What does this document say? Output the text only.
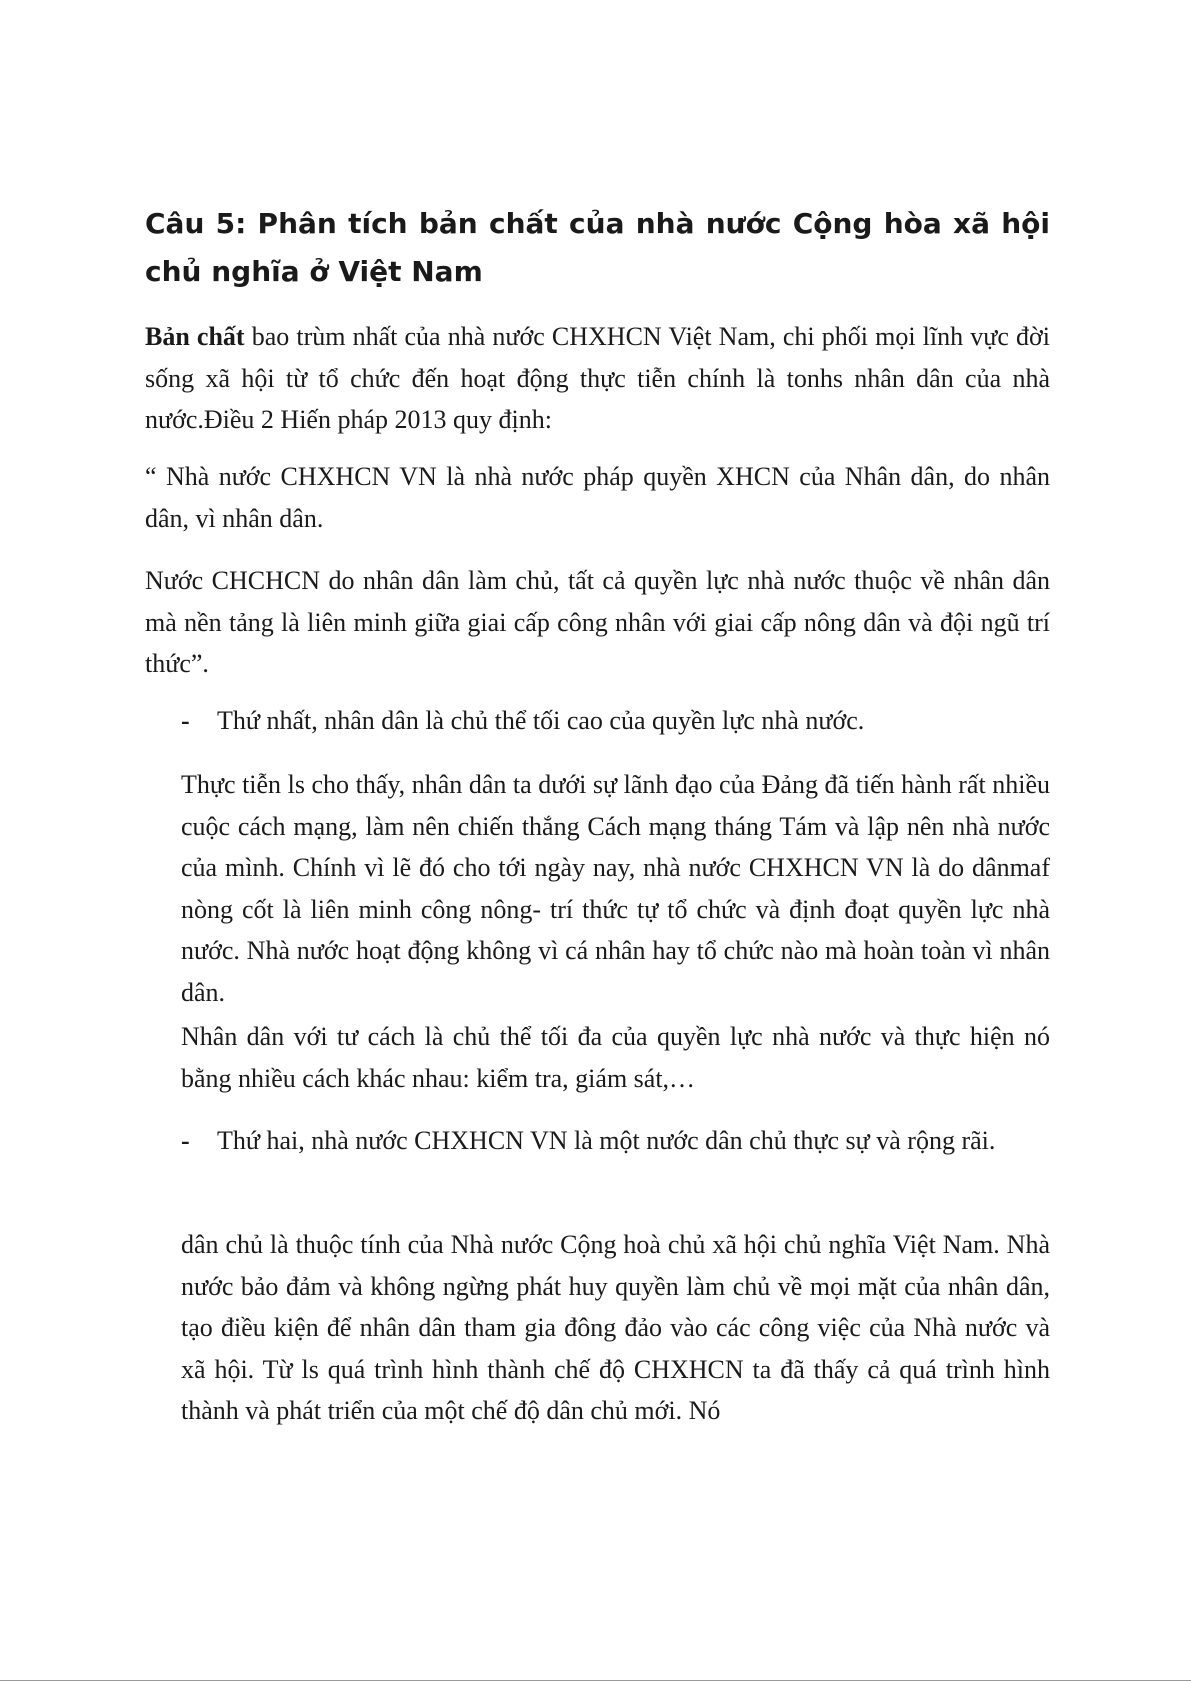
Câu 5: Phân tích bản chất của nhà nước Cộng hòa xã hội chủ nghĩa ở Việt Nam

Bản chất bao trùm nhất của nhà nước CHXHCN Việt Nam, chi phối mọi lĩnh vực đời sống xã hội từ tổ chức đến hoạt động thực tiễn chính là tonhs nhân dân của nhà nước.Điều 2 Hiến pháp 2013 quy định:

“ Nhà nước CHXHCN VN là nhà nước pháp quyền XHCN của Nhân dân, do nhân dân, vì nhân dân.

Nước CHCHCN do nhân dân làm chủ, tất cả quyền lực nhà nước thuộc về nhân dân mà nền tảng là liên minh giữa giai cấp công nhân với giai cấp nông dân và đội ngũ trí thức”.

- Thứ nhất, nhân dân là chủ thể tối cao của quyền lực nhà nước.

Thực tiễn ls cho thấy, nhân dân ta dưới sự lãnh đạo của Đảng đã tiến hành rất nhiều cuộc cách mạng, làm nên chiến thắng Cách mạng tháng Tám và lập nên nhà nước của mình. Chính vì lẽ đó cho tới ngày nay, nhà nước CHXHCN VN là do dânmaf nòng cốt là liên minh công nông- trí thức tự tổ chức và định đoạt quyền lực nhà nước. Nhà nước hoạt động không vì cá nhân hay tổ chức nào mà hoàn toàn vì nhân dân.

Nhân dân với tư cách là chủ thể tối đa của quyền lực nhà nước và thực hiện nó bằng nhiều cách khác nhau: kiểm tra, giám sát,…

- Thứ hai, nhà nước CHXHCN VN là một nước dân chủ thực sự và rộng rãi.

dân chủ là thuộc tính của Nhà nước Cộng hoà chủ xã hội chủ nghĩa Việt Nam. Nhà nước bảo đảm và không ngừng phát huy quyền làm chủ về mọi mặt của nhân dân, tạo điều kiện để nhân dân tham gia đông đảo vào các công việc của Nhà nước và xã hội. Từ ls quá trình hình thành chế độ CHXHCN ta đã thấy cả quá trình hình thành và phát triển của một chế độ dân chủ mới. Nó
